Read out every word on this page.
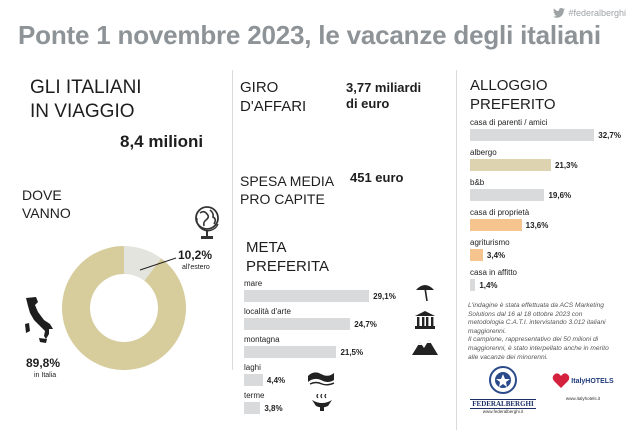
#federalberghi
Ponte 1 novembre 2023, le vacanze degli italiani
GLI ITALIANI
IN VIAGGIO
8,4 milioni
DOVE
VANNO
10,2%
all'estero
89,8%
in Italia
GIRO
D'AFFARI
3,77 miliardi
di euro
SPESA MEDIA
PRO CAPITE
451 euro
META
PREFERITA
mare
29,1%
località d'arte
24,7%
montagna
21,5%
laghi
4,4%
terme
3,8%
ALLOGGIO
PREFERITO
casa di parenti / amici
32,7%
albergo
21,3%
b&b
19,6%
casa di proprietà
13,6%
agriturismo
3,4%
casa in affitto
1,4%
L'indagine è stata effettuata da ACS Marketing Solutions dal 16 al 18 ottobre 2023 con metodologia C.A.T.I. intervistando 3.012 italiani maggiorenni.
Il campione, rappresentativo dei 50 milioni di maggiorenni, è stato interpellato anche in merito alle vacanze dei minorenni.
FEDERALBERGHI
www.federalberghi.it
ItalyHOTELS
www.italyhotels.it
